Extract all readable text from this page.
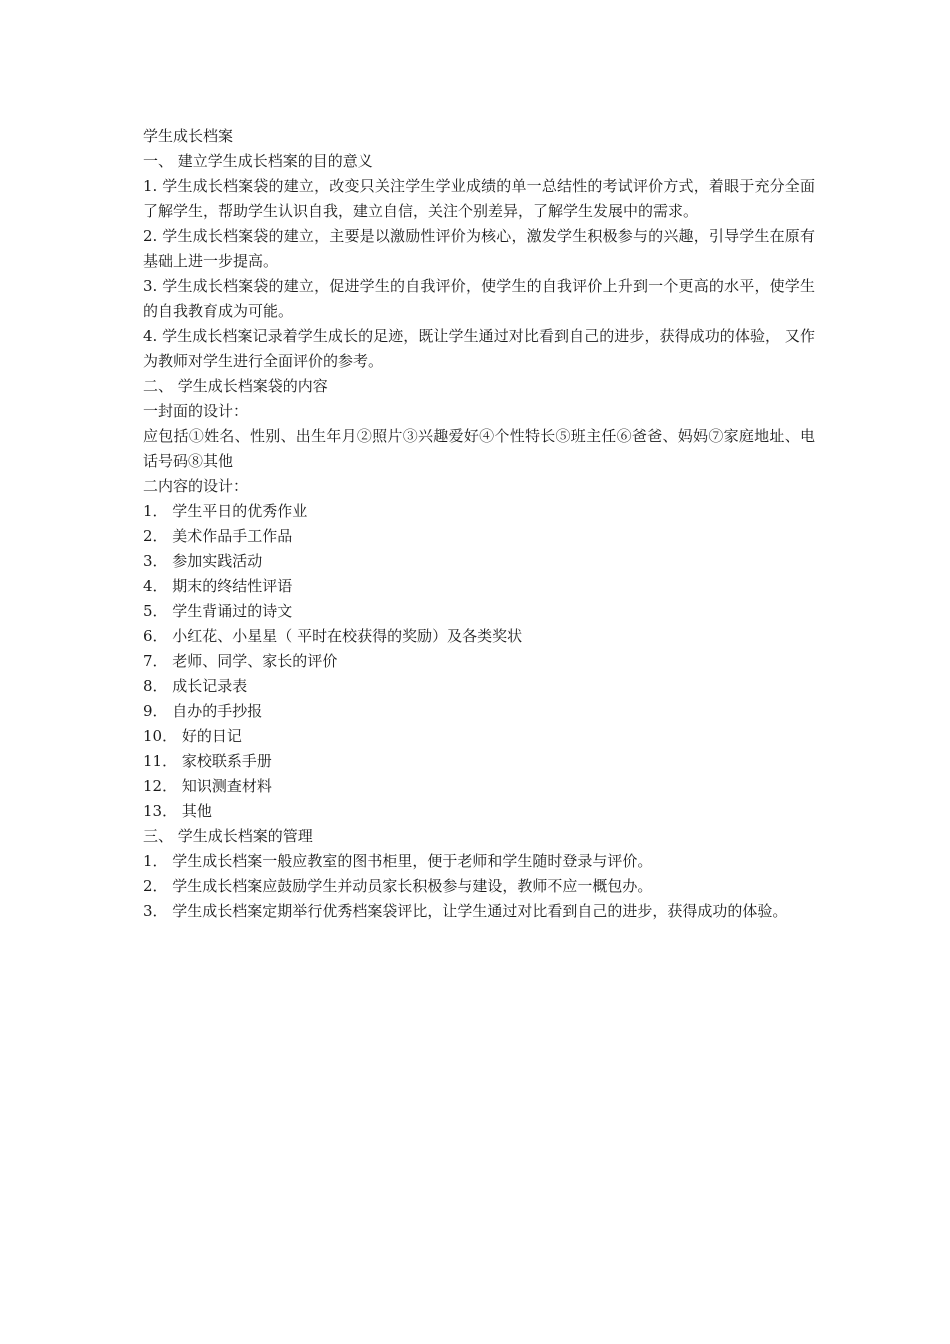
学生成长档案

一、 建立学生成长档案的目的意义

1. 学生成长档案袋的建立，改变只关注学生学业成绩的单一总结性的考试评价方式，着眼于充分全面了解学生，帮助学生认识自我，建立自信，关注个别差异，了解学生发展中的需求。

2. 学生成长档案袋的建立，主要是以激励性评价为核心，激发学生积极参与的兴趣，引导学生在原有基础上进一步提高。

3. 学生成长档案袋的建立，促进学生的自我评价，使学生的自我评价上升到一个更高的水平，使学生的自我教育成为可能。

4. 学生成长档案记录着学生成长的足迹，既让学生通过对比看到自己的进步，获得成功的体验， 又作为教师对学生进行全面评价的参考。

二、 学生成长档案袋的内容

一封面的设计：

应包括①姓名、性别、出生年月②照片③兴趣爱好④个性特长⑤班主任⑥爸爸、妈妈⑦家庭地址、电话号码⑧其他

二内容的设计：

1． 学生平日的优秀作业

2． 美术作品手工作品

3． 参加实践活动

4． 期末的终结性评语

5． 学生背诵过的诗文

6． 小红花、小星星（ 平时在校获得的奖励）及各类奖状

7． 老师、同学、家长的评价

8． 成长记录表

9． 自办的手抄报

10． 好的日记

11． 家校联系手册

12． 知识测查材料

13． 其他

三、 学生成长档案的管理

1． 学生成长档案一般应教室的图书柜里，便于老师和学生随时登录与评价。

2． 学生成长档案应鼓励学生并动员家长积极参与建设，教师不应一概包办。

3． 学生成长档案定期举行优秀档案袋评比，让学生通过对比看到自己的进步，获得成功的体验。
